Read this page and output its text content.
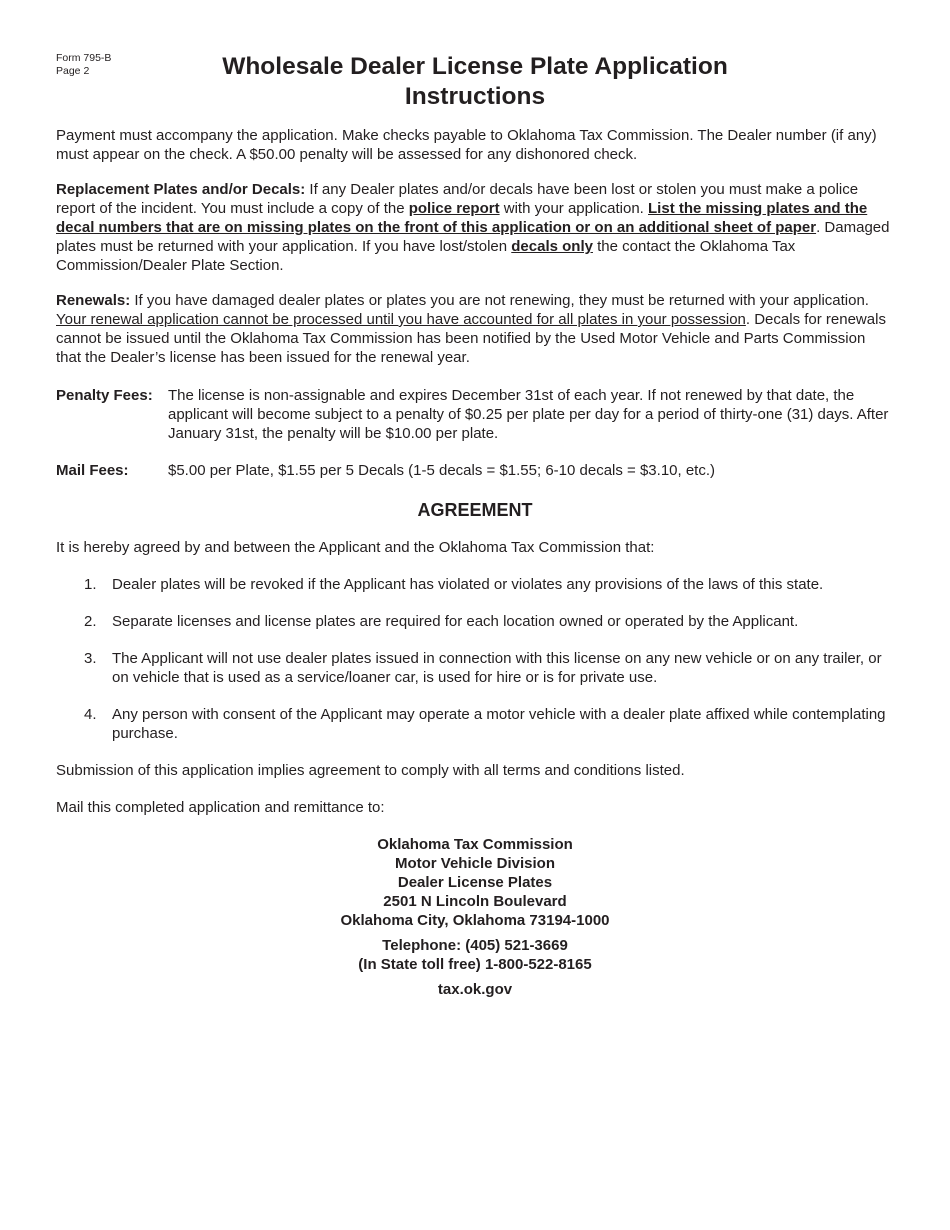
Form 795-B
Page 2	Wholesale Dealer License Plate Application
Instructions

Payment must accompany the application. Make checks payable to Oklahoma Tax Commission. The Dealer number (if any) must appear on the check. A $50.00 penalty will be assessed for any dishonored check.

Replacement Plates and/or Decals: If any Dealer plates and/or decals have been lost or stolen you must make a police report of the incident. You must include a copy of the police report with your application. List the missing plates and the decal numbers that are on missing plates on the front of this application or on an additional sheet of paper. Damaged plates must be returned with your application. If you have lost/stolen decals only the contact the Oklahoma Tax Commission/Dealer Plate Section.

Renewals: If you have damaged dealer plates or plates you are not renewing, they must be returned with your application. Your renewal application cannot be processed until you have accounted for all plates in your possession. Decals for renewals cannot be issued until the Oklahoma Tax Commission has been notified by the Used Motor Vehicle and Parts Commission that the Dealer’s license has been issued for the renewal year.

Penalty Fees:	The license is non-assignable and expires December 31st of each year. If not renewed by that date, the applicant will become subject to a penalty of $0.25 per plate per day for a period of thirty-one (31) days. After January 31st, the penalty will be $10.00 per plate.
Mail Fees:	$5.00 per Plate, $1.55 per 5 Decals (1-5 decals = $1.55; 6-10 decals = $3.10, etc.)
AGREEMENT

It is hereby agreed by and between the Applicant and the Oklahoma Tax Commission that:

1.	Dealer plates will be revoked if the Applicant has violated or violates any provisions of the laws of this state.
2.	Separate licenses and license plates are required for each location owned or operated by the Applicant.
3.	The Applicant will not use dealer plates issued in connection with this license on any new vehicle or on any trailer, or on vehicle that is used as a service/loaner car, is used for hire or is for private use.
4.	Any person with consent of the Applicant may operate a motor vehicle with a dealer plate affixed while contemplating purchase.

Submission of this application implies agreement to comply with all terms and conditions listed.

Mail this completed application and remittance to:

Oklahoma Tax Commission
Motor Vehicle Division
Dealer License Plates
2501 N Lincoln Boulevard
Oklahoma City, Oklahoma 73194-1000
Telephone: (405) 521-3669
(In State toll free) 1-800-522-8165
tax.ok.gov
